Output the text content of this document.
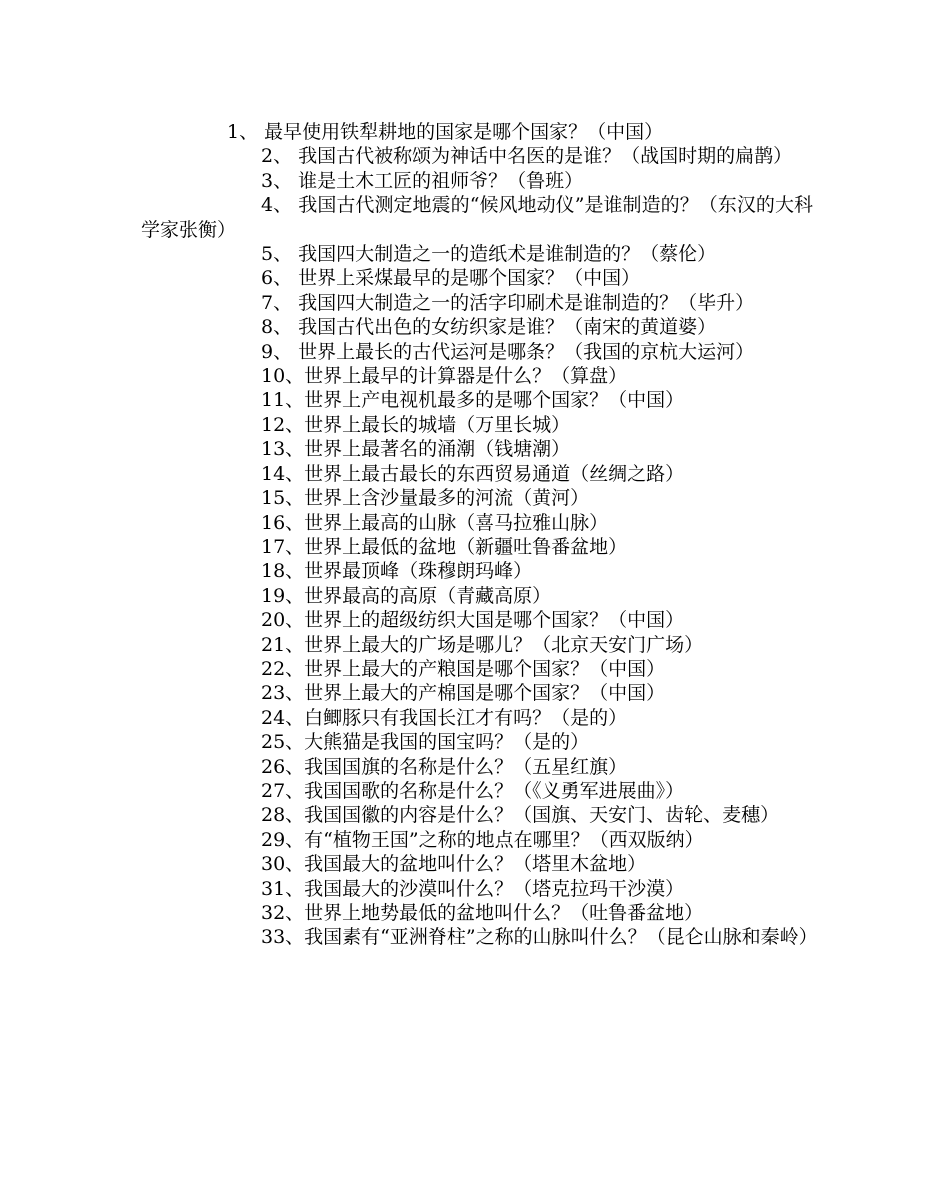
1、 最早使用铁犁耕地的国家是哪个国家？（中国）

2、 我国古代被称颂为神话中名医的是谁？（战国时期的扁鹊）

3、 谁是土木工匠的祖师爷？（鲁班）

4、 我国古代测定地震的“候风地动仪”是谁制造的？（东汉的大科学家张衡）

5、 我国四大制造之一的造纸术是谁制造的？（蔡伦）

6、 世界上采煤最早的是哪个国家？（中国）

7、 我国四大制造之一的活字印刷术是谁制造的？（毕升）

8、 我国古代出色的女纺织家是谁？（南宋的黄道婆）

9、 世界上最长的古代运河是哪条？（我国的京杭大运河）

10、世界上最早的计算器是什么？（算盘）

11、世界上产电视机最多的是哪个国家？（中国）

12、世界上最长的城墙（万里长城）

13、世界上最著名的涌潮（钱塘潮）

14、世界上最古最长的东西贸易通道（丝绸之路）

15、世界上含沙量最多的河流（黄河）

16、世界上最高的山脉（喜马拉雅山脉）

17、世界上最低的盆地（新疆吐鲁番盆地）

18、世界最顶峰（珠穆朗玛峰）

19、世界最高的高原（青藏高原）

20、世界上的超级纺织大国是哪个国家？（中国）

21、世界上最大的广场是哪儿？（北京天安门广场）

22、世界上最大的产粮国是哪个国家？（中国）

23、世界上最大的产棉国是哪个国家？（中国）

24、白鲫豚只有我国长江才有吗？（是的）

25、大熊猫是我国的国宝吗？（是的）

26、我国国旗的名称是什么？（五星红旗）

27、我国国歌的名称是什么？（《义勇军进展曲》）

28、我国国徽的内容是什么？（国旗、天安门、齿轮、麦穗）

29、有“植物王国”之称的地点在哪里？（西双版纳）

30、我国最大的盆地叫什么？（塔里木盆地）

31、我国最大的沙漠叫什么？（塔克拉玛干沙漠）

32、世界上地势最低的盆地叫什么？（吐鲁番盆地）

33、我国素有“亚洲脊柱”之称的山脉叫什么？（昆仑山脉和秦岭）
